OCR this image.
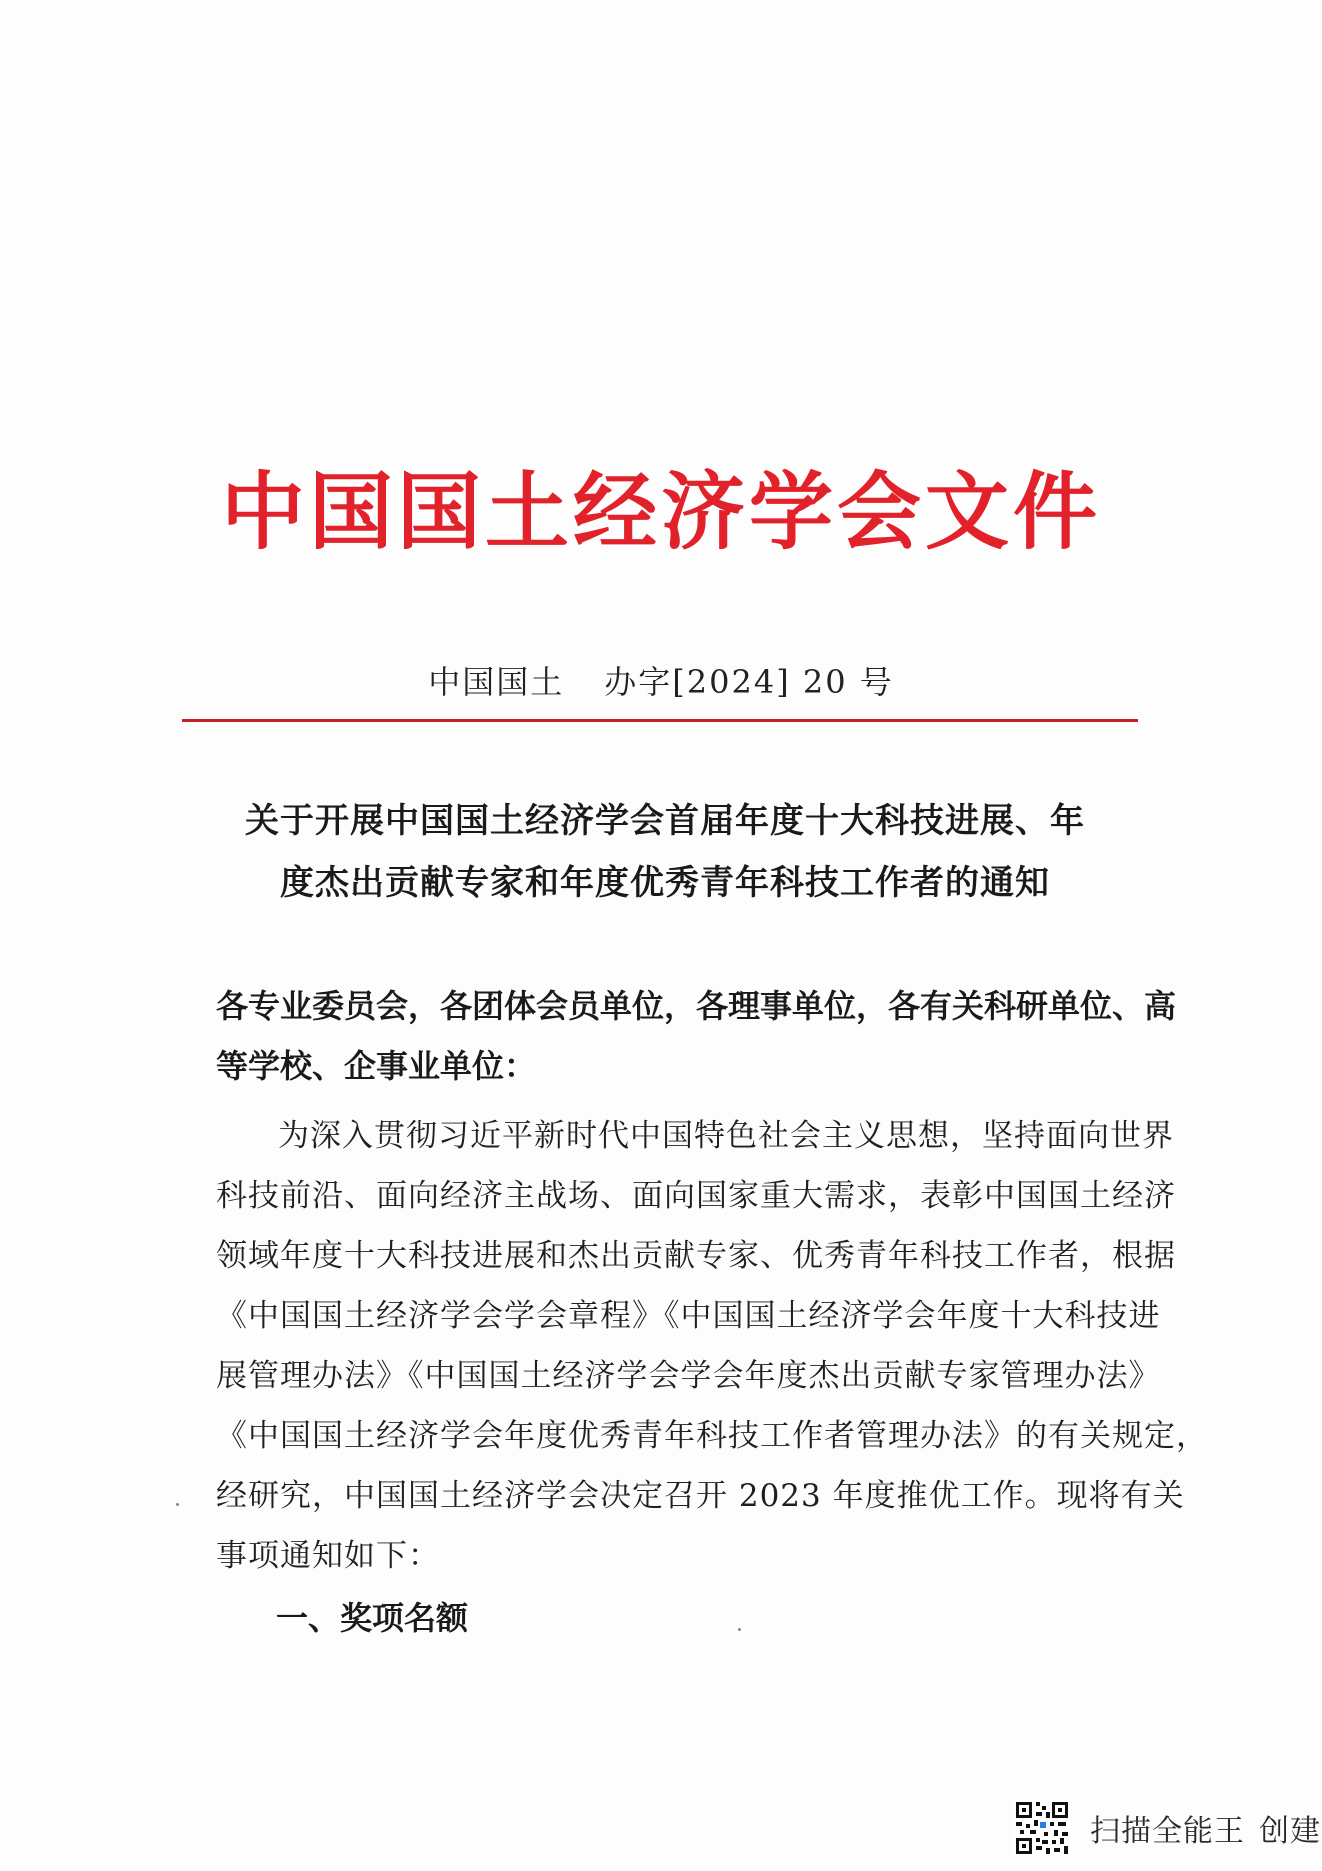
中国国土经济学会文件
中国国土 办字[2024] 20 号
关于开展中国国土经济学会首届年度十大科技进展、年
度杰出贡献专家和年度优秀青年科技工作者的通知
各专业委员会，各团体会员单位，各理事单位，各有关科研单位、高
等学校、企事业单位：
为深入贯彻习近平新时代中国特色社会主义思想，坚持面向世界
科技前沿、面向经济主战场、面向国家重大需求，表彰中国国土经济
领域年度十大科技进展和杰出贡献专家、优秀青年科技工作者，根据
《中国国土经济学会学会章程》《中国国土经济学会年度十大科技进
展管理办法》《中国国土经济学会学会年度杰出贡献专家管理办法》
《中国国土经济学会年度优秀青年科技工作者管理办法》的有关规定，
经研究，中国国土经济学会决定召开 2023 年度推优工作。现将有关
事项通知如下：
一、奖项名额
扫描全能王 创建
